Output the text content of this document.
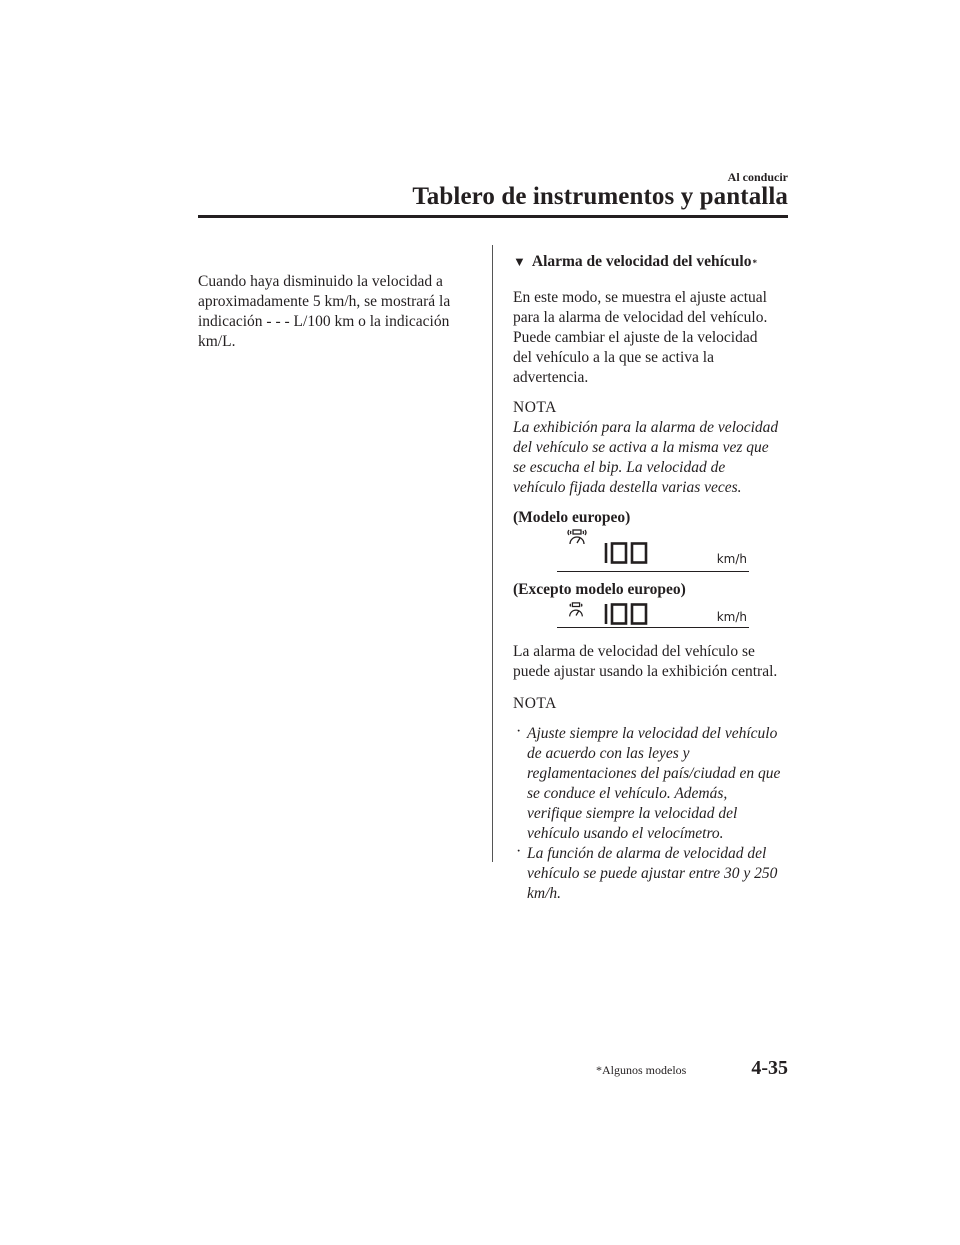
Al conducir
Tablero de instrumentos y pantalla

Cuando haya disminuido la velocidad a
aproximadamente 5 km/h, se mostrará la
indicación - - - L/100 km o la indicación
km/L.

▼ Alarma de velocidad del vehículo *
En este modo, se muestra el ajuste actual
para la alarma de velocidad del vehículo.
Puede cambiar el ajuste de la velocidad
del vehículo a la que se activa la
advertencia.
NOTA
La exhibición para la alarma de velocidad
del vehículo se activa a la misma vez que
se escucha el bip. La velocidad de
vehículo fijada destella varias veces.
(Modelo europeo)
km/h
(Excepto modelo europeo)
km/h
La alarma de velocidad del vehículo se
puede ajustar usando la exhibición central.
NOTA
· Ajuste siempre la velocidad del vehículo
de acuerdo con las leyes y
reglamentaciones del país/ciudad en que
se conduce el vehículo. Además,
verifique siempre la velocidad del
vehículo usando el velocímetro.
· La función de alarma de velocidad del
vehículo se puede ajustar entre 30 y 250
km/h.
*Algunos modelos	4-35
